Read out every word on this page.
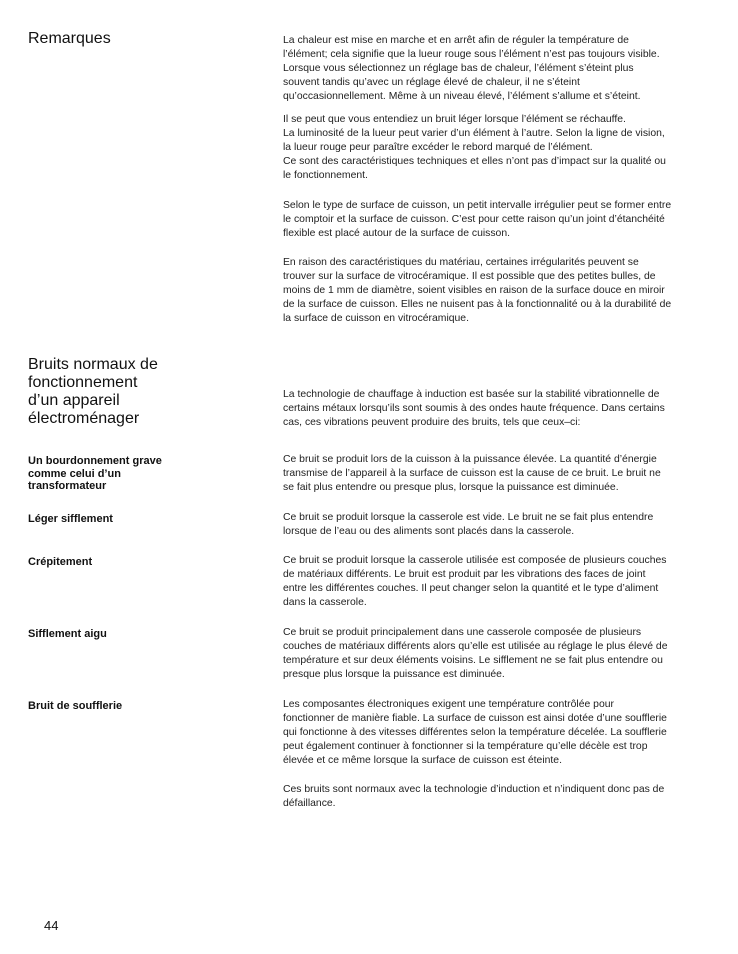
Remarques	La chaleur est mise en marche et en arrêt afin de réguler la température de
l’élément; cela signifie que la lueur rouge sous l’élément n’est pas toujours visible.
Lorsque vous sélectionnez un réglage bas de chaleur, l’élément s’éteint plus
souvent tandis qu’avec un réglage élevé de chaleur, il ne s’éteint
qu’occasionnellement. Même à un niveau élevé, l’élément s’allume et s’éteint.

Il se peut que vous entendiez un bruit léger lorsque l’élément se réchauffe.
La luminosité de la lueur peut varier d’un élément à l’autre. Selon la ligne de vision,
la lueur rouge peur paraître excéder le rebord marqué de l’élément.
Ce sont des caractéristiques techniques et elles n’ont pas d’impact sur la qualité ou
le fonctionnement.

Selon le type de surface de cuisson, un petit intervalle irrégulier peut se former entre
le comptoir et la surface de cuisson. C’est pour cette raison qu’un joint d’étanchéité
flexible est placé autour de la surface de cuisson.

En raison des caractéristiques du matériau, certaines irrégularités peuvent se
trouver sur la surface de vitrocéramique. Il est possible que des petites bulles, de
moins de 1 mm de diamètre, soient visibles en raison de la surface douce en miroir
de la surface de cuisson. Elles ne nuisent pas à la fonctionnalité ou à la durabilité de
la surface de cuisson en vitrocéramique.

Bruits normaux de
fonctionnement
d’un appareil
électroménager

La technologie de chauffage à induction est basée sur la stabilité vibrationnelle de
certains métaux lorsqu’ils sont soumis à des ondes haute fréquence. Dans certains
cas, ces vibrations peuvent produire des bruits, tels que ceux–ci:

Un bourdonnement grave
comme celui d’un
transformateur

Ce bruit se produit lors de la cuisson à la puissance élevée. La quantité d’énergie
transmise de l’appareil à la surface de cuisson est la cause de ce bruit. Le bruit ne
se fait plus entendre ou presque plus, lorsque la puissance est diminuée.

Léger sifflement	Ce bruit se produit lorsque la casserole est vide. Le bruit ne se fait plus entendre
lorsque de l’eau ou des aliments sont placés dans la casserole.

Crépitement	Ce bruit se produit lorsque la casserole utilisée est composée de plusieurs couches
de matériaux différents. Le bruit est produit par les vibrations des faces de joint
entre les différentes couches. Il peut changer selon la quantité et le type d’aliment
dans la casserole.

Sifflement aigu	Ce bruit se produit principalement dans une casserole composée de plusieurs
couches de matériaux différents alors qu’elle est utilisée au réglage le plus élevé de
température et sur deux éléments voisins. Le sifflement ne se fait plus entendre ou
presque plus lorsque la puissance est diminuée.

Bruit de soufflerie	Les composantes électroniques exigent une température contrôlée pour
fonctionner de manière fiable. La surface de cuisson est ainsi dotée d’une soufflerie
qui fonctionne à des vitesses différentes selon la température décelée. La soufflerie
peut également continuer à fonctionner si la température qu’elle décèle est trop
élevée et ce même lorsque la surface de cuisson est éteinte.

Ces bruits sont normaux avec la technologie d’induction et n’indiquent donc pas de
défaillance.

44
